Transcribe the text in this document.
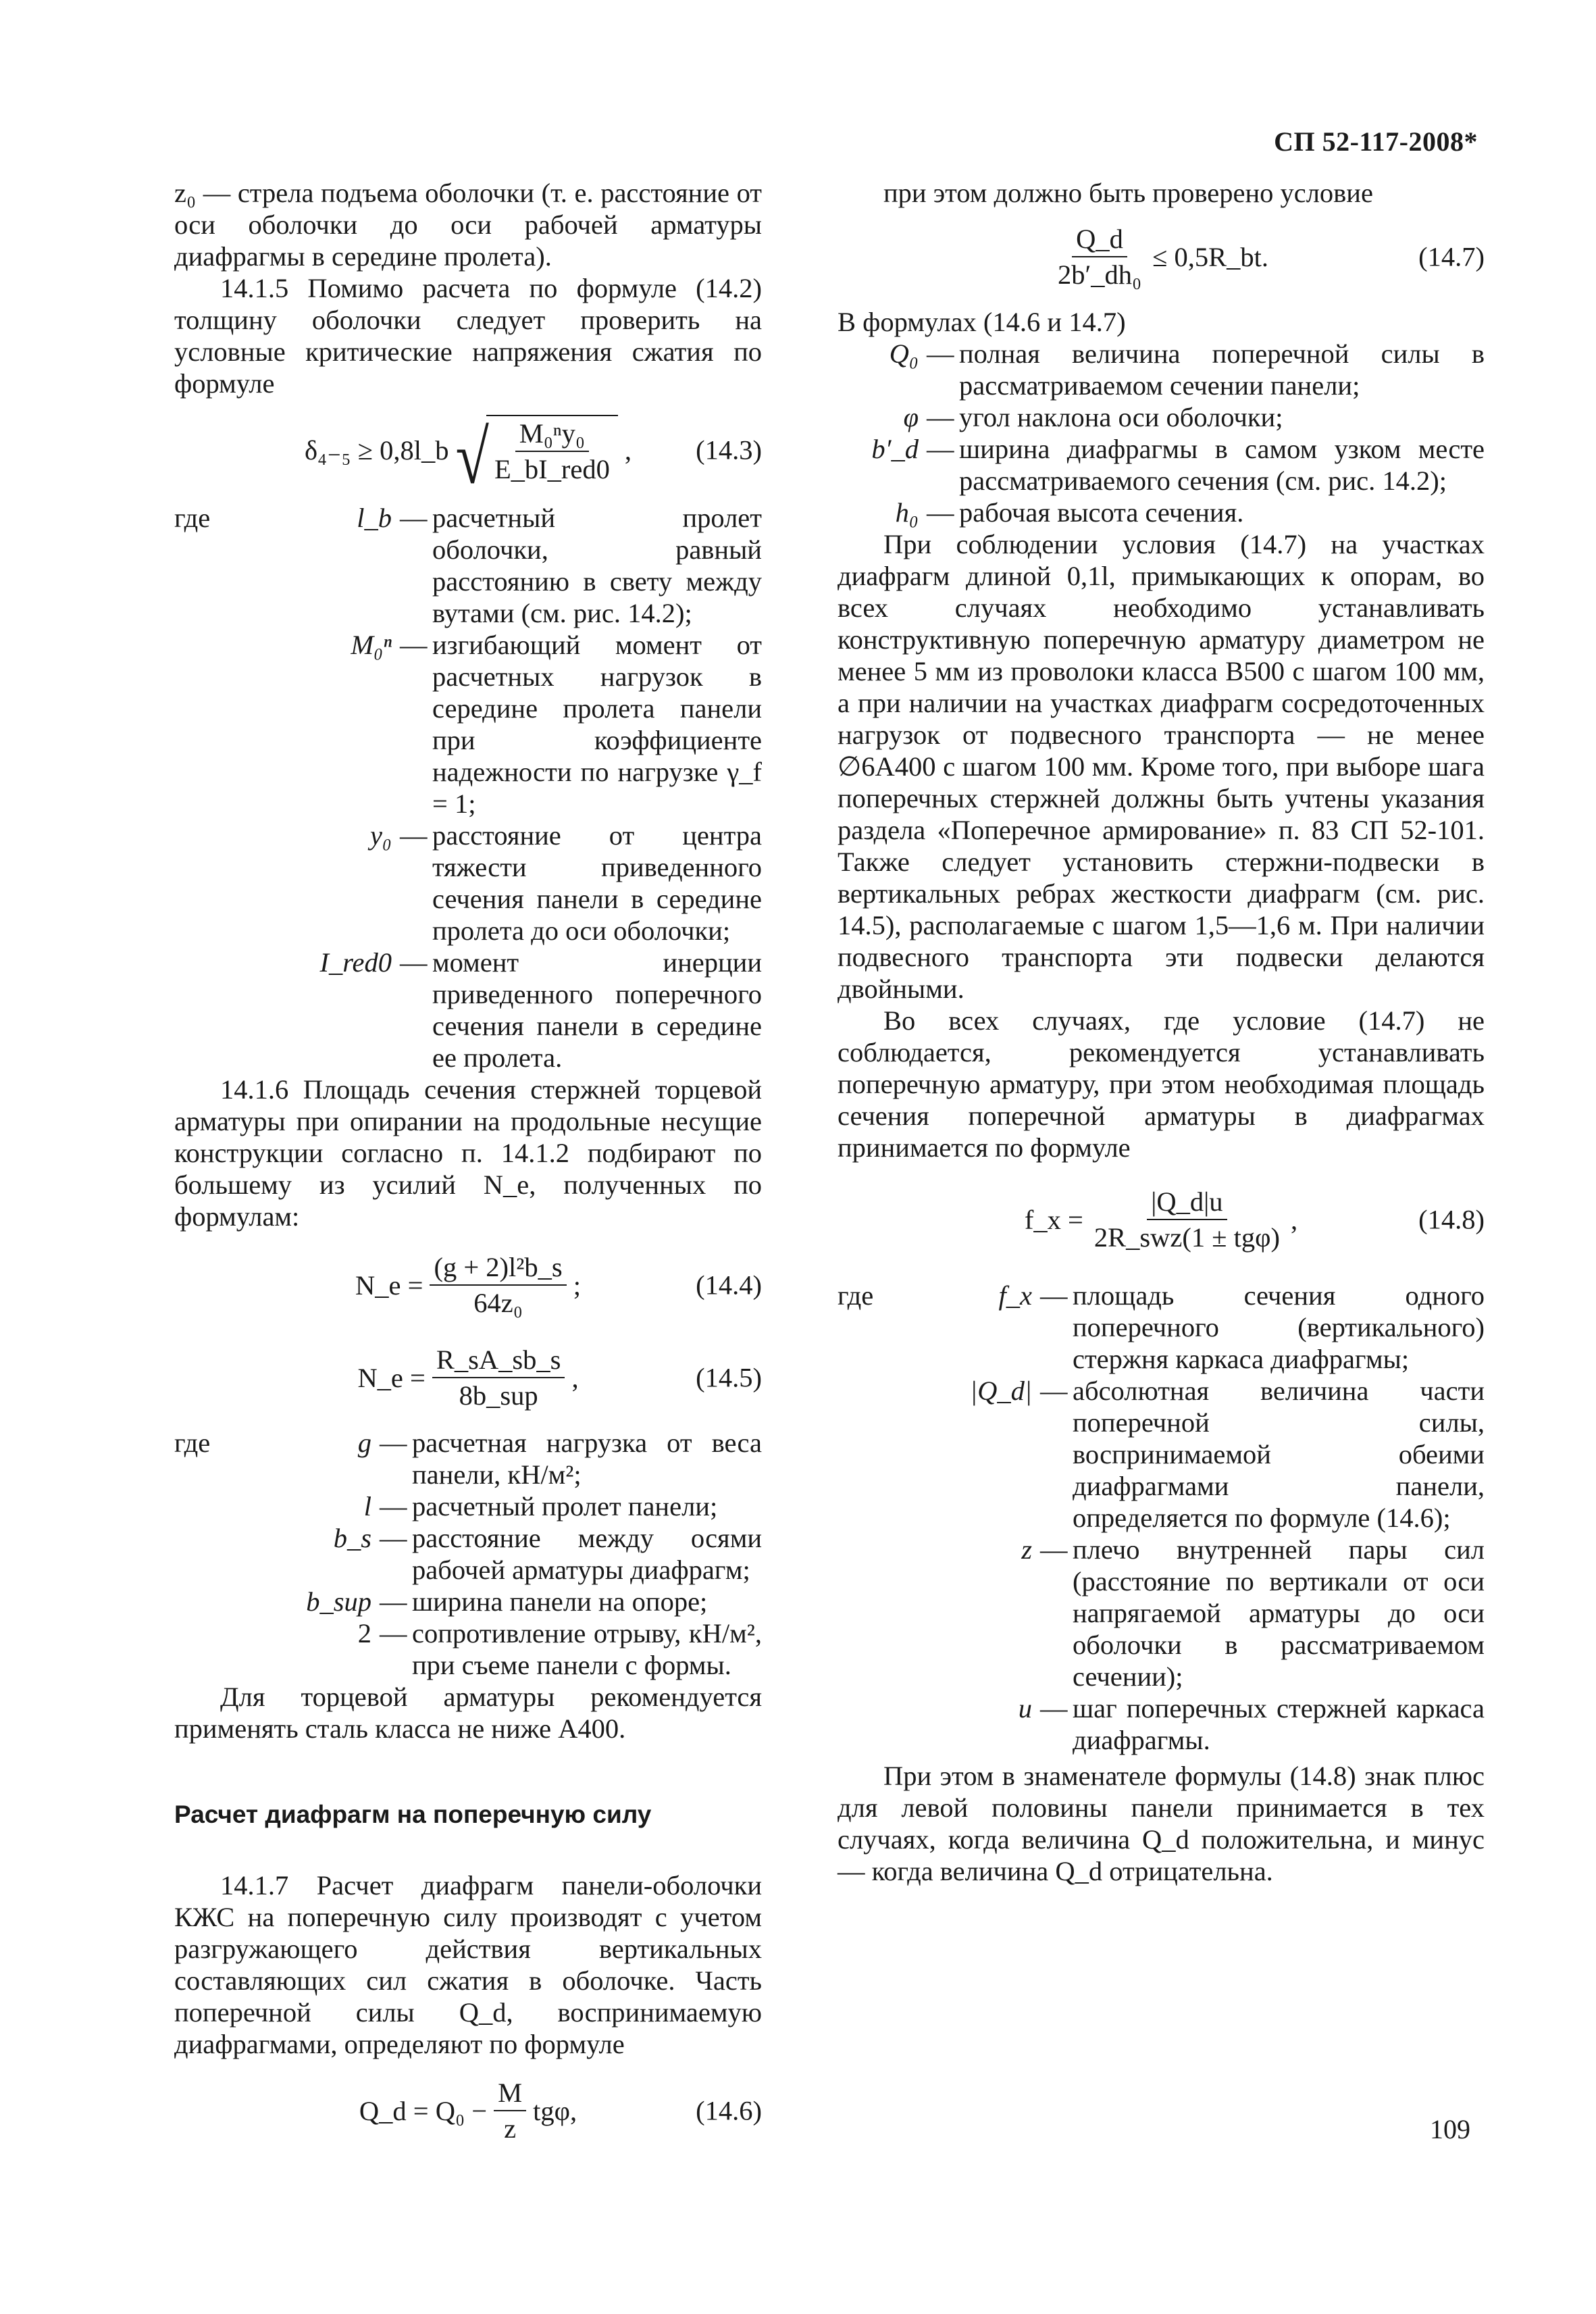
СП 52-117-2008*

z₀ — стрела подъема оболочки (т. е. расстояние от оси оболочки до оси рабочей арматуры диафрагмы в середине пролета).

14.1.5 Помимо расчета по формуле (14.2) толщину оболочки следует проверить на условные критические напряжения сжатия по формуле

δ₄₋₅ ≥ 0,8l_b √ $\frac{\text{M₀ⁿy₀}}{\text{E\_bI\_red0}}$ , (14.3)
где	l_b — расчетный пролет оболочки, равный расстоянию в свету между вутами (см. рис. 14.2);
M₀ⁿ — изгибающий момент от расчетных нагрузок в середине пролета панели при коэффициенте надежности по нагрузке γ_f = 1;
y₀ — расстояние от центра тяжести приведенного сечения панели в середине пролета до оси оболочки;
I_red0 — момент инерции приведенного поперечного сечения панели в середине ее пролета.

14.1.6 Площадь сечения стержней торцевой арматуры при опирании на продольные несущие конструкции согласно п. 14.1.2 подбирают по большему из усилий N_e, полученных по формулам:

N_e = $\frac{\text{(g + 2)l²b\_s}}{\text{64z₀}}$ ;	(14.4)
N_e = $\frac{R\_sA\_sb\_s}{\text{8b\_sup}}$ ,	(14.5)
где	g — расчетная нагрузка от веса панели, кН/м²;
l — расчетный пролет панели;
b_s — расстояние между осями рабочей арматуры диафрагм;
b_sup — ширина панели на опоре;
2 — сопротивление отрыву, кН/м², при съеме панели с формы.

Для торцевой арматуры рекомендуется применять сталь класса не ниже А400.

Расчет диафрагм на поперечную силу

14.1.7 Расчет диафрагм панели-оболочки КЖС на поперечную силу производят с учетом разгружающего действия вертикальных составляющих сил сжатия в оболочке. Часть поперечной силы Q_d, воспринимаемую диафрагмами, определяют по формуле

Q_d = $Q_0 - \frac{M}{z} tg\varphi$,	(14.6)

при этом должно быть проверено условие

$\frac{Q\_d}{\text{2b′\_dh₀}}$ ≤ 0,5R_bt.	(14.7)

В формулах (14.6 и 14.7)

Q₀ — полная величина поперечной силы в рассматриваемом сечении панели;
φ — угол наклона оси оболочки;
b′_d — ширина диафрагмы в самом узком месте рассматриваемого сечения (см. рис. 14.2);
h₀ — рабочая высота сечения.

При соблюдении условия (14.7) на участках диафрагм длиной 0,1l, примыкающих к опорам, во всех случаях необходимо устанавливать конструктивную поперечную арматуру диаметром не менее 5 мм из проволоки класса В500 с шагом 100 мм, а при наличии на участках диафрагм сосредоточенных нагрузок от подвесного транспорта — не менее ∅6А400 с шагом 100 мм. Кроме того, при выборе шага поперечных стержней должны быть учтены указания раздела «Поперечное армирование» п. 83 СП 52-101. Также следует установить стержни-подвески в вертикальных ребрах жесткости диафрагм (см. рис. 14.5), располагаемые с шагом 1,5—1,6 м. При наличии подвесного транспорта эти подвески делаются двойными.

Во всех случаях, где условие (14.7) не соблюдается, рекомендуется устанавливать поперечную арматуру, при этом необходимая площадь сечения поперечной арматуры в диафрагмах принимается по формуле

f_x = $\frac{|Q\_d|u}{\text{2R\_swz(1 ± tgφ)}}$ ,	(14.8)
где	f_x — площадь сечения одного поперечного (вертикального) стержня каркаса диафрагмы;
|Q_d| — абсолютная величина части поперечной силы, воспринимаемой обеими диафрагмами панели, определяется по формуле (14.6);
z — плечо внутренней пары сил (расстояние по вертикали от оси напрягаемой арматуры до оси оболочки в рассматриваемом сечении);
u — шаг поперечных стержней каркаса диафрагмы.

При этом в знаменателе формулы (14.8) знак плюс для левой половины панели принимается в тех случаях, когда величина Q_d положительна, и минус — когда величина Q_d отрицательна.

109
